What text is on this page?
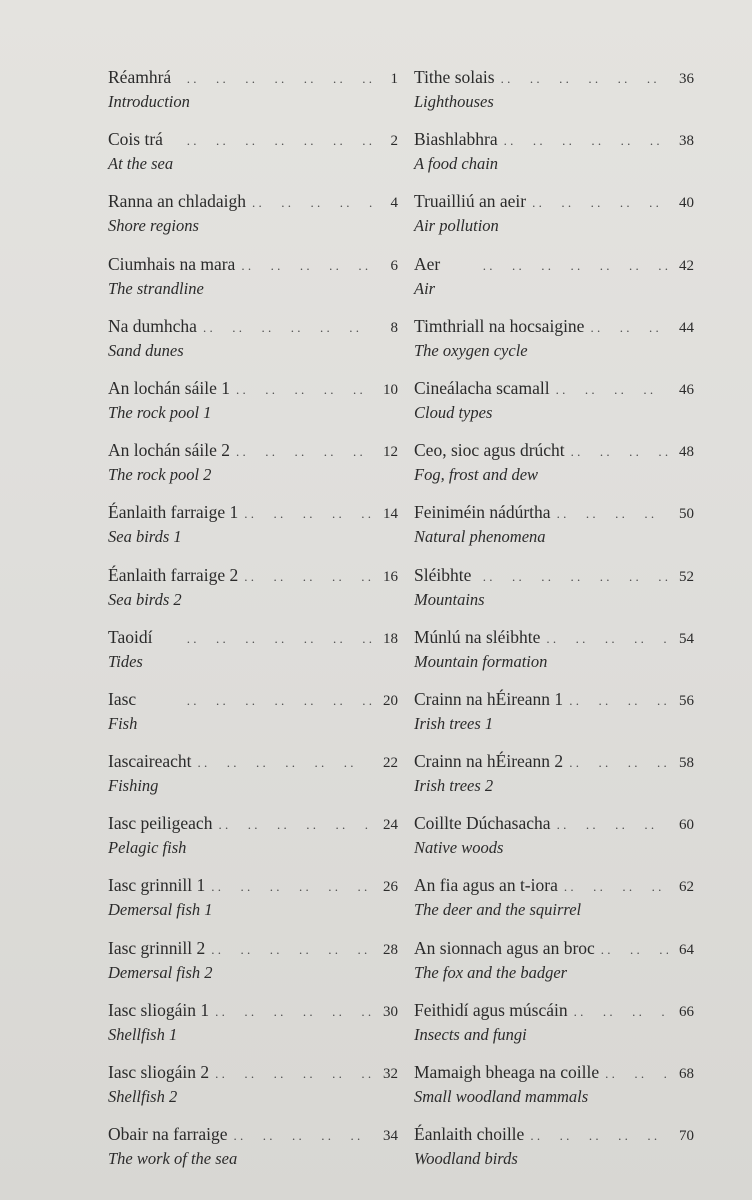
Réamhrá . .	1
Introduction
Cois trá . .	2
At the sea
Ranna an chladaigh . .	4
Shore regions
Ciumhais na mara . .	6
The strandline
Na dumhcha . .	8
Sand dunes
An lochán sáile 1 . .	10
The rock pool 1
An lochán sáile 2 . .	12
The rock pool 2
Éanlaith farraige 1 . .	14
Sea birds 1
Éanlaith farraige 2 . .	16
Sea birds 2
Taoidí . .	18
Tides
Iasc . .	20
Fish
Iascaireacht . .	22
Fishing
Iasc peiligeach . .	24
Pelagic fish
Iasc grinnill 1 . .	26
Demersal fish 1
Iasc grinnill 2 . .	28
Demersal fish 2
Iasc sliogáin 1 . .	30
Shellfish 1
Iasc sliogáin 2 . .	32
Shellfish 2
Obair na farraige . .	34
The work of the sea
Tithe solais . .	36
Lighthouses
Biashlabhra . .	38
A food chain
Truailliú an aeir . .	40
Air pollution
Aer . .	42
Air
Timthriall na hocsaigine . .	44
The oxygen cycle
Cineálacha scamall . .	46
Cloud types
Ceo, sioc agus drúcht . .	48
Fog, frost and dew
Feiniméin nádúrtha . .	50
Natural phenomena
Sléibhte . .	52
Mountains
Múnlú na sléibhte . .	54
Mountain formation
Crainn na hÉireann 1 . .	56
Irish trees 1
Crainn na hÉireann 2 . .	58
Irish trees 2
Coillte Dúchasacha . .	60
Native woods
An fia agus an t-iora . .	62
The deer and the squirrel
An sionnach agus an broc . .	64
The fox and the badger
Feithidí agus múscáin . .	66
Insects and fungi
Mamaigh bheaga na coille . .	68
Small woodland mammals
Éanlaith choille . .	70
Woodland birds
